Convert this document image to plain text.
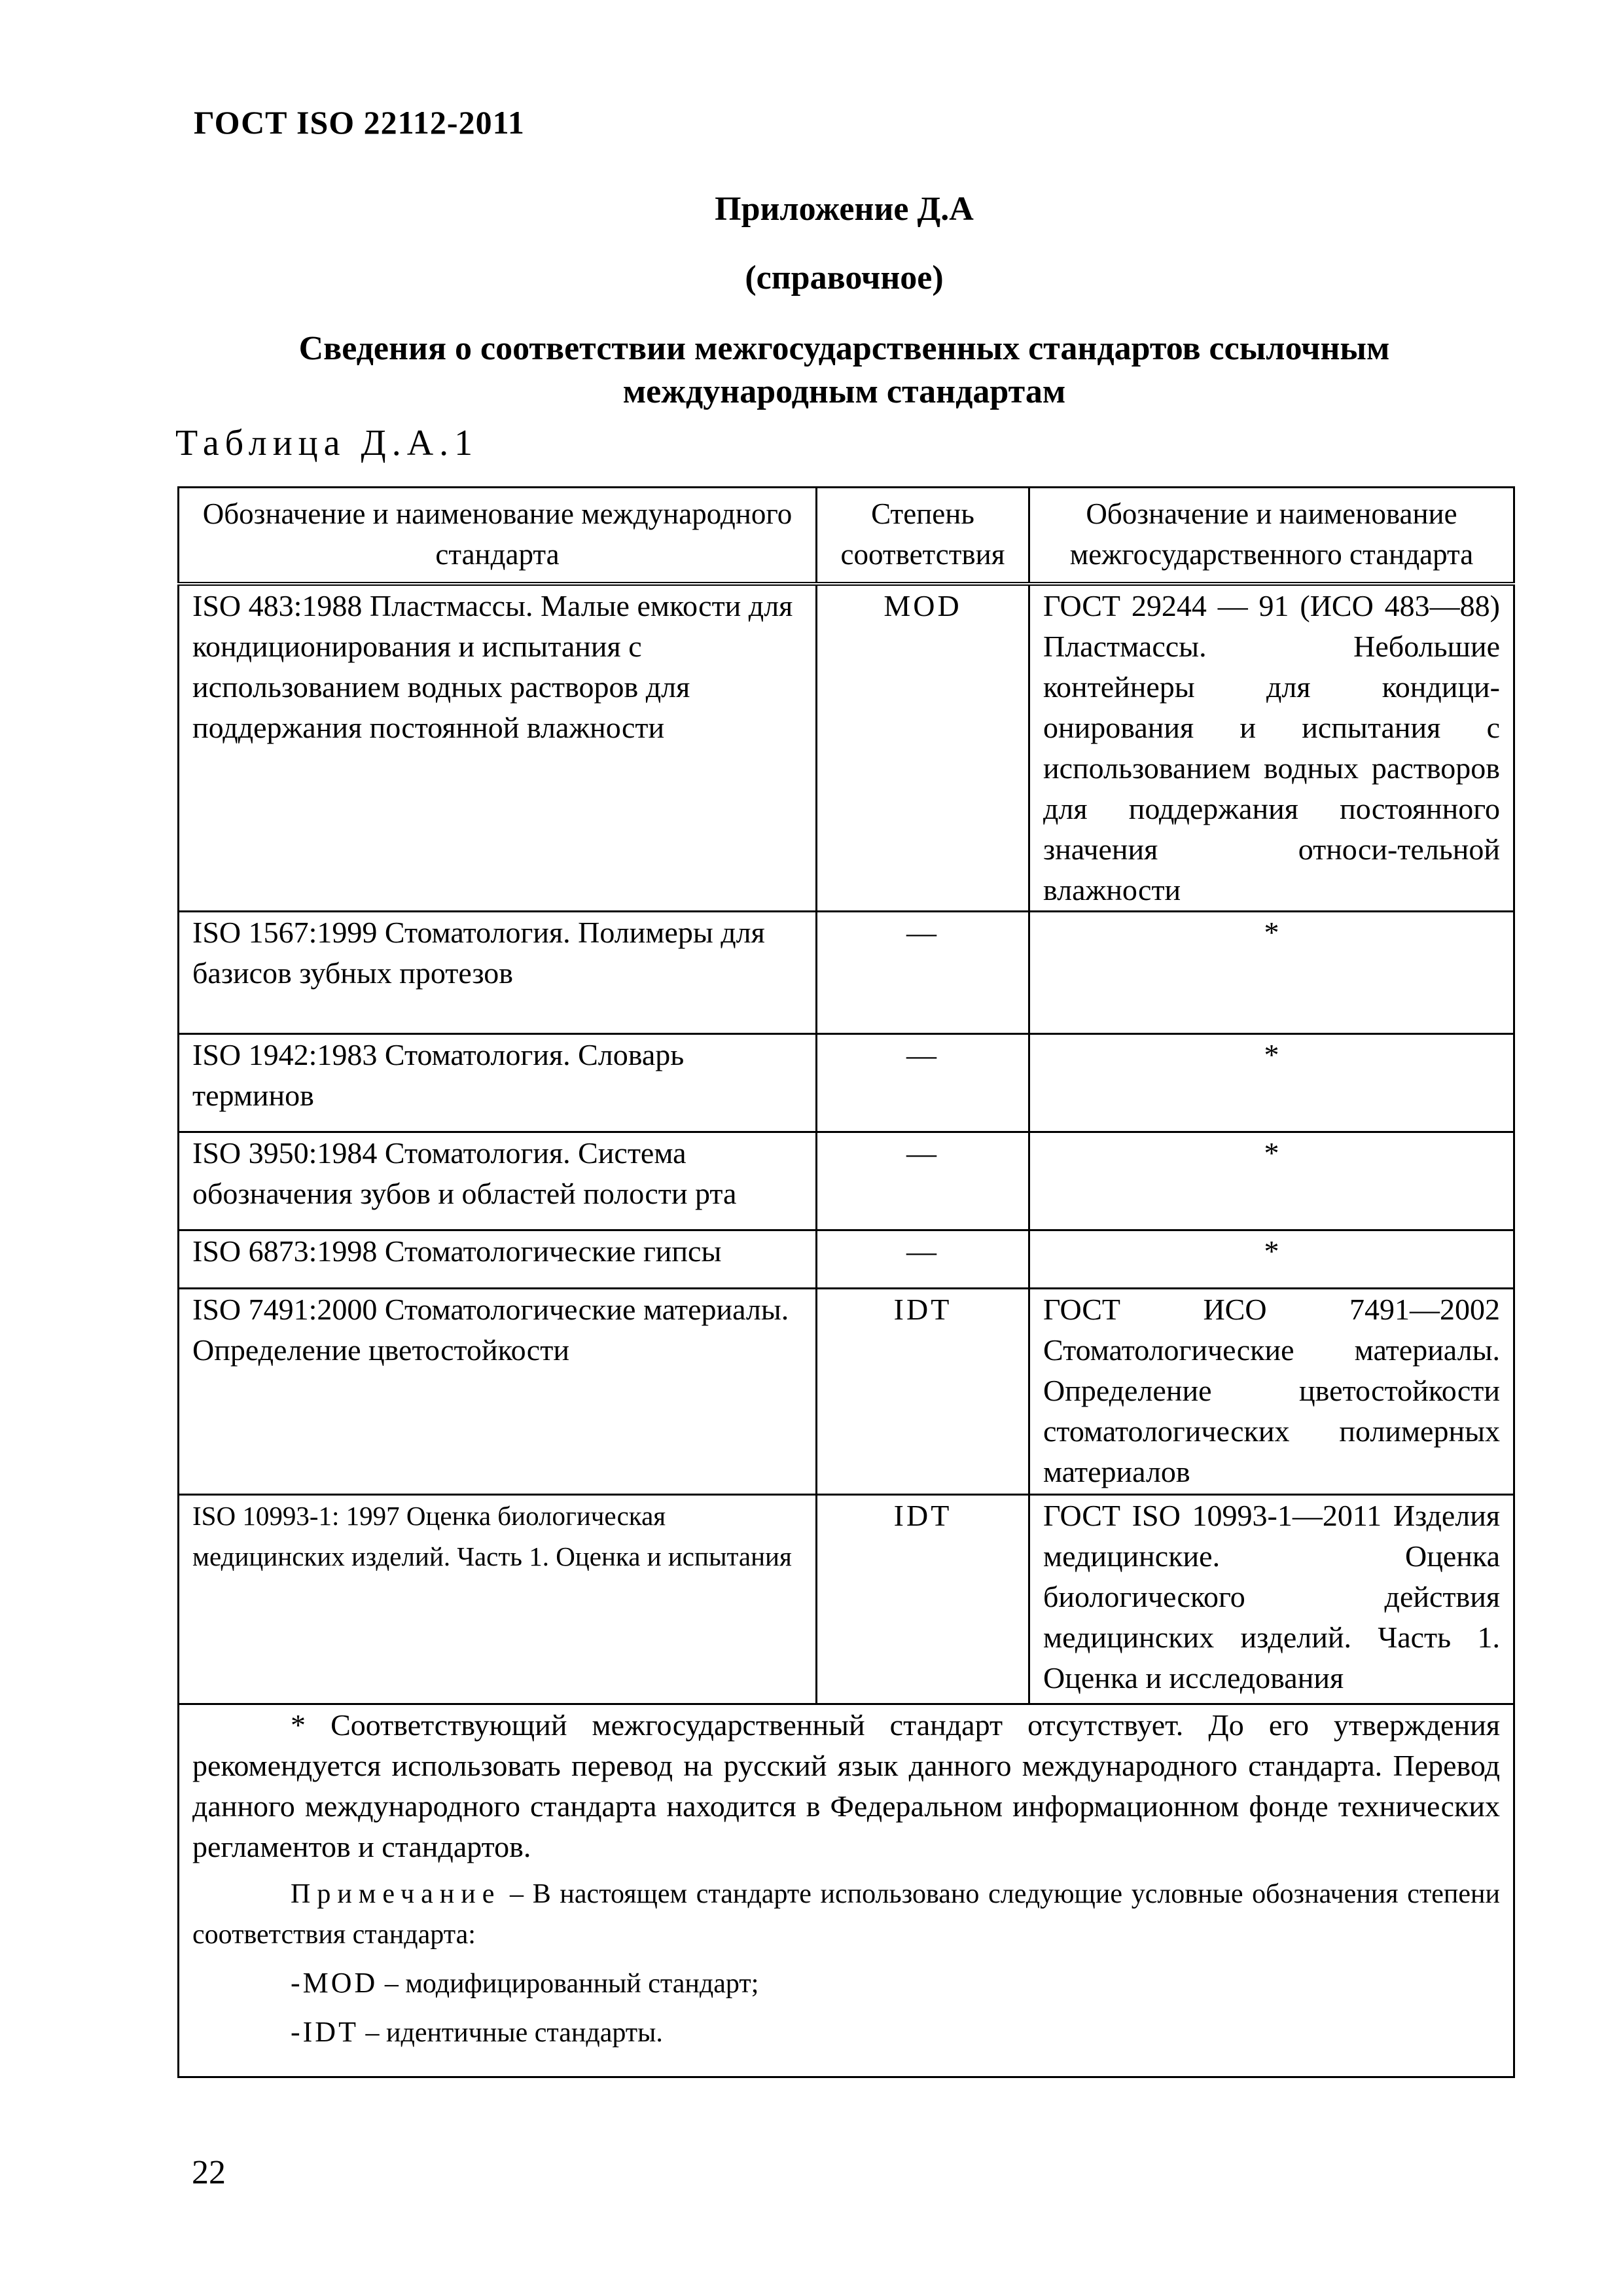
ГОСТ ISO 22112-2011
Приложение Д.А
(справочное)
Сведения о соответствии межгосударственных стандартов ссылочным
международным стандартам
Таблица Д.А.1
Обозначение и наименование международного стандарта	Степень соответствия	Обозначение и наименование межгосударственного стандарта
ISO 483:1988 Пластмассы. Малые емкости для кондиционирования и испытания с использованием водных растворов для поддержания постоянной влажности	MOD	ГОСТ 29244 — 91 (ИСО 483—88) Пластмассы. Небольшие контейнеры для кондици-онирования и испытания с использованием водных растворов для поддержания постоянного значения относи-тельной влажности
ISO 1567:1999 Стоматология. Полимеры для базисов зубных протезов	—	*
ISO 1942:1983 Стоматология. Словарь терминов	—	*
ISO 3950:1984 Стоматология. Система обозначения зубов и областей полости рта	—	*
ISO 6873:1998 Стоматологические гипсы	—	*
ISO 7491:2000 Стоматологические материалы. Определение цветостойкости	IDT	ГОСТ ИСО 7491—2002 Стоматологические материалы. Определение цветостойкости стоматологических полимерных материалов
ISO 10993-1: 1997 Оценка биологическая медицинских изделий. Часть 1. Оценка и испытания	IDT	ГОСТ ISO 10993-1—2011 Изделия медицинские. Оценка биологического действия медицинских изделий. Часть 1. Оценка и исследования

* Соответствующий межгосударственный стандарт отсутствует. До его утверждения рекомендуется использовать перевод на русский язык данного международного стандарта. Перевод данного международного стандарта находится в Федеральном информационном фонде технических регламентов и стандартов.

Примечание – В настоящем стандарте использовано следующие условные обозначения степени соответствия стандарта:

-MOD – модифицированный стандарт;

-IDT – идентичные стандарты.		

22
